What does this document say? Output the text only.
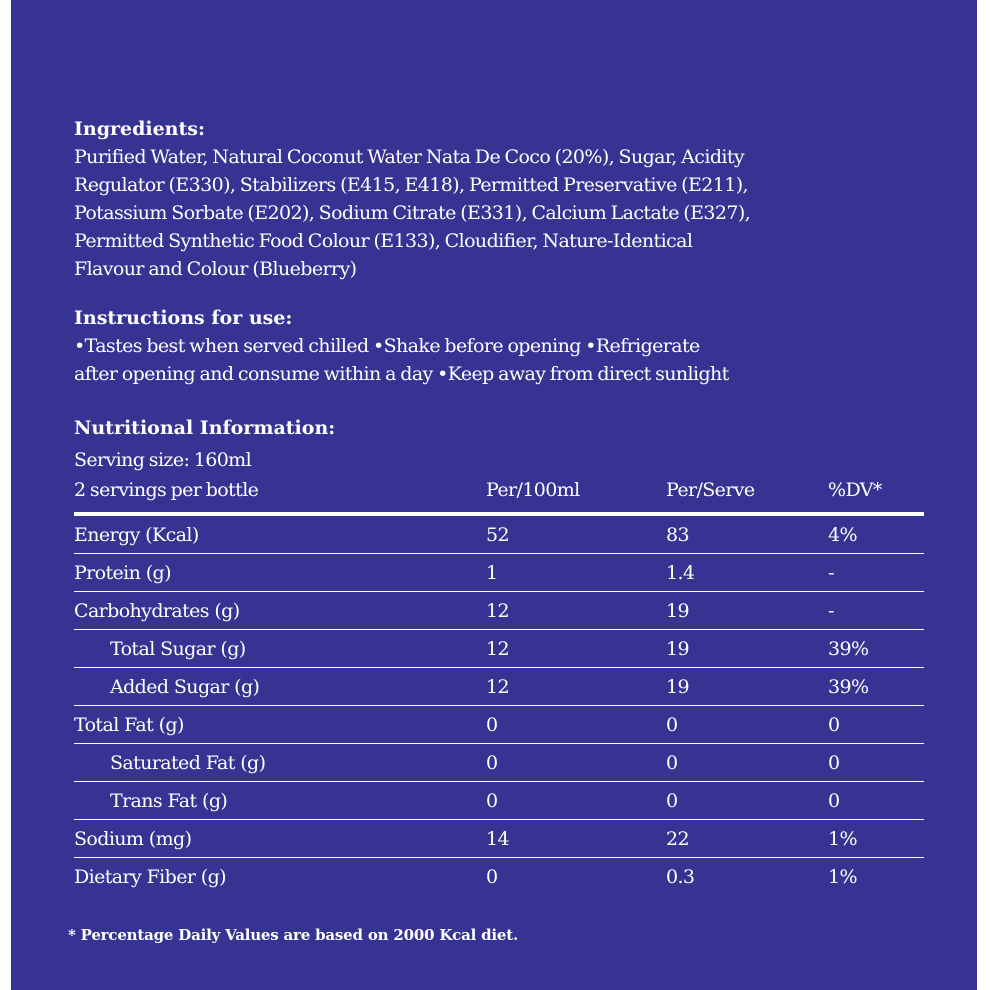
Ingredients:
Purified Water, Natural Coconut Water Nata De Coco (20%), Sugar, Acidity
Regulator (E330), Stabilizers (E415, E418), Permitted Preservative (E211),
Potassium Sorbate (E202), Sodium Citrate (E331), Calcium Lactate (E327),
Permitted Synthetic Food Colour (E133), Cloudifier, Nature-Identical
Flavour and Colour (Blueberry)
Instructions for use:
•Tastes best when served chilled •Shake before opening •Refrigerate
after opening and consume within a day •Keep away from direct sunlight
Nutritional Information:
Serving size: 160ml
2 servings per bottle	Per/100ml	Per/Serve	%DV*
Energy (Kcal)	52	83	4%
Protein (g)	1	1.4	-
Carbohydrates (g)	12	19	-
Total Sugar (g)	12	19	39%
Added Sugar (g)	12	19	39%
Total Fat (g)	0	0	0
Saturated Fat (g)	0	0	0
Trans Fat (g)	0	0	0
Sodium (mg)	14	22	1%
Dietary Fiber (g)	0	0.3	1%
* Percentage Daily Values are based on 2000 Kcal diet.
